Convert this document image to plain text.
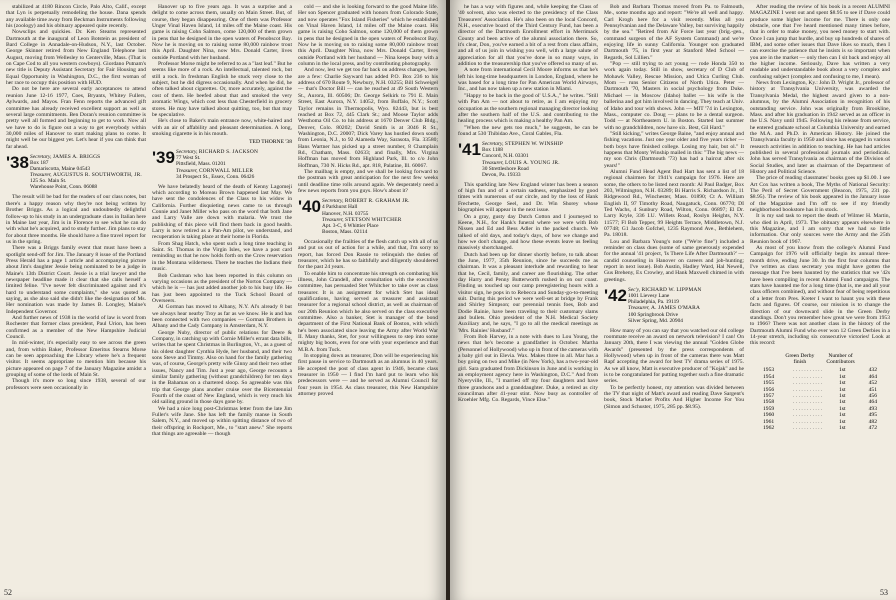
stabilized at 4180 Rincon Circle, Palo Alto, Calif., except that Lyn is perpetually remodeling the house. Dana spends any available time away from Beckman Instruments following his (zoology) and his obituary appeared quite recently.

Nowsclips and quickies. Dr. Ken Stearns represented Dartmouth at the inaugural of Leon Botstein as president of Bard College in Annadale-on-Hudson, N.Y., last October. George Skinner retired from New England Telephone last August, moving from Wellesley to Centerville, Mass. (That is on Cape Cod to all you western cowboys). Giordano Putnam's new title is Deputy Assistant Secretary for Fair Housing and Equal Opportunity in Washington, D.C., the first woman of her race to occupy this position with HUD.

Do not be here are several early acceptances to attend reunion June 12-16 1977, Coes, Bryants, Whitey Fullers, Aylwards, and Mayos. Fran Fenn reports the advanced gift committee has already received excellent support as well as several large commitments. Ben Doran's reunion committee is pretty well all formed and beginning to get to work. Now all we have to do is figure out a way to get everybody within 30,000 miles of Hanover to start making plans to come. It might well be our biggest yet. Let's hear if you can think that far ahead.

'38 Secretary, JAMES A. BRIGGS
Box 187
Damariscotta, Maine 04543
Treasurer, AUGUSTUS R. SOUTHWORTH, JR.
125 So. Main St.
Warehouse Point, Conn. 06088

The result will be bad for the readers of our class notes, but there's a happy reason why they're not being written by Brother Briggs. As a logical and undoubtedly delightful follow-up to his study in an undergraduate class in Italian here in Maine last year, Jim is in Florence to see what he can do with what he's acquired, and to study further. Jim plans to stay for about three months. He should have a fine travel report for us in the spring.

There was a Briggs family event that must have been a spotlight send-off for Jim. The January 8 issue of the Portland Press Herald has a page 1 article and accompanying picture about Jim's daughter Jessie being nominated to be a judge in Maine's 13th District Court. Jessie is a trial lawyer and the newspaper headline made it clear that she calls herself a limited feline. "I've never felt discriminated against and it's hard to understand some complaints," she was quoted as saying, as she also said she didn't like the designation of Ms. Her nomination was made by James B. Longley, Maine's Independent Governor.

And further news of 1938 in the world of law is word from Rochester that former class president, Paul Urion, has been confirmed as a member of the New Hampshire Judicial Council.

In mid-winter, it's especially easy to see across the green and, from within Baker, Professor Emeritus Stearns Morse can be seen approaching the Library where he's a frequent visitor. It seems appropriate to mention him because his picture appeared on page 7 of the January Magazine amidst a grouping of some of the lords of Main St.

Though it's more so long since 1938, several of our professors were seen occasionally in

Hanover up to five years ago. It was a surprise and a delight to come across them, usually on Main Street. But, of course, they began disappearing. One of them was Professor Unger Vinal Haven Island, 14 miles off the Maine coast. His game is raising Cohn Salmon, come 120,000 of them grown in pens that he designed in the open waters of Penobscot Bay. Now he is moving on to raising some 80,000 rainbow trout this April. Daughter Nina, now Mrs. Donald Carter, lives outside Portland with her husband.

Professor Morse might be referred to as a "last leaf." But he seems like more of a rock. An intellectual, talented rock, but still a rock. In freshman English he stuck very close to the subject, but he did digress occasionally. And when he did, he often talked about cigarettes. Or, more accurately, against the cost of them. He beefed about that and smoked the very aromatic Wings, which cost less than Chesterfield in grocery stores. He may have talked about quitting, too, but that may be speculative.

He's close to Baker's main entrance now, white-haired and with an air of affability and pleasant determination. A long, smoking cigarette is in his mouth.

TED THORNE '38
'39 Secretary, RICHARD S. JACKSON
77 West St.
Pittsfield, Mass. 01201
Treasurer, CORNWALL MILLER
34 Prospect St., Essex, Conn. 06426

We have belatedly heard of the death of Kenny Lagomeji which according to Moreau Brown happened last May. We have sent the condolences of the Class to his widow in California. Further disquieting news came to us through Connie and Janet Miller who pass on the word that both Jane and Larry Valle are down with malaria. We trust the publishing of this piece will find them back in good health. Larry is now retired as a Pan-Am pilot, we understand, and recuperation is taking place at their home in Florida.

From Shag Hatch, who spent such a long time teaching in Saint. St. Thomas in the Virgin Isles, we have a post card reminding us that he now holds forth on the Crow reservation in the Montana wilderness. There he teaches the Indians their music.

Bob Cushman who has been reported in this column on varying occasions as the president of the Norton Company — which he is — has just added another job to his busy life. He has just been appointed to the Tuck School Board of Overseers.

Al Gorman has moved to Albany, N.Y. Al's already 8 but we always hear nearby Troy as far as we know. He is and has been connected with two companies — Gorman Brothers in Albany and the Cady Company in Amsterdam, N.Y.

George Nuby, director of public relations for Deere & Company, in catching up with Cornie Miller's errant data bills, writes that he spent Christmas in Burlington, Vt., as a guest of his oldest daughter Cynthia Hyde, her husband, and their two sons Steve and Timmy. Also on hand for the family gathering was, of course, George's pretty wife Ginny and their two other issues, Nancy and Tim. Just a year ago, George recounts a similar family gathering (without grandchildren) for ten days in the Bahamas on a chartered sloop. So agreeable was this trip that George plans another cruise over the Bicentennial Fourth of the coast of New England, which is very much his old sailing ground in those days gone by.

We had a nice long post-Christmas letter from the late Jim Fuller's wife Jane. She has left the family manse in South Salem, N.Y., and moved up within spitting distance of two of their offspring in Rockport, Me., to "start anew." She reports that things are agreeable — though

cold — and she is looking forward to the good Maine life. Her son Spencer graduated with honors from Colorado State, and now operates "Fox Island Fisheries" which he established on Vinal Haven Island, 14 miles off the Maine coast. His game is raising Coho Salmon, some 120,000 of them grown in pens that he designed in the open waters of Penobscot Bay. Now he is moving on to raising some 80,000 rainbow trout this April. Daughter Nina, now Mrs. Donald Carter, lives outside Portland with her husband — Nina keeps busy with a column in the local press, and by contributing photography.

And now, lest we get too far back on address changes, here are a few: Charlie Sayward has added P.O. Box 236 to his address of 670 Route 9, Newbury, N.H. 03255; Bill Schweigel — that's Doctor Bill — can be reached at 49 South Western St., Aurora, Ill. 60506; Dr. George Selkirk to 791 E. Main Street, East Aurora, N.Y. 14052, from Buffalo, N.Y.; Scott Taylor remains in Thermopolis, Wyo. 82443, but is best reached at Box 72, 445 Clark St.; and Moose Taylor adds Westhoma Oil Co. to his address at 1670 Denver Club Bldg., Denver, Colo. 80202; David Smith is at 3046 R St., Washington, D.C. 20007; Dick Varey has hustled down south from Leonia, N.J., to 92 Alameda Way, Sarasota, Fla. 33580; Hans Wartner has picked up a street number, 8 Champlain Rd., Chatham, Mass. 02633; and finally, Mrs. Virgina Hoffman has moved from Highland Park, Ill. to c/o John Hoffman, 730 N. Hicks Rd., apt. 818, Palatine, Ill. 60067.

The mailbag is empty, and we shall be looking forward to the postman with great anticipation for the next few weeks until deadline time rolls around again. We desperately need a few news reports from you guys. How's about it?

'40 Secretary, ROBERT R. GRAHAM JR.
4 Parkhurst Hall
Hanover, N.H. 03755
Treasurer, STETSON WHITCHER
Apt. 3-C, 6 Whittier Place
Boston, Mass. 02114

Occasionally the frailties of the flesh catch up with all of us and put us out of action for a while, and that, I'm sorry to report, has forced Don Rassie to relinquish the duties of treasurer, which he has so faithfully and diligently shouldered for the past 24 years.

To enable him to concentrate his strength on combating his illness, John Crandell, after consultation with the executive committee, has persuaded Stet Whitcher to take over as class treasurer. It is an assignment for which Stet has ideal qualifications, having served as treasurer and assistant treasurer for a regional school district, as well as chairman of our 20th Reunion which he also served on the class executive committee. Also a banker, Stet is manager of the bond department of the First National Bank of Boston, with which he's been associated since leaving the Army after World War II. Many thanks, Stet, for your willingness to step into some mighty big boots, even for one with your experience and that M.B.A. from Tuck.

In stopping down as treasurer, Don will be experiencing his first pause in service to Dartmouth as an alumnus in 40 years. He accepted the post of class agent in 1946, became class treasurer in 1950 — I find I'm hard put to learn who his predecessors were — and he served as Alumni Council for four years in 1954. As class treasurer, this New Hampshire attorney proved

52

he has a way with figures and, while keeping the Class of '40 solvent, also was elected to the presidency of the Class Treasurers' Association. He's also been on the local Concord, N.H., executive board of the Third Century Fund, has been a director of the Dartmouth Enrollment effort in Merrimack County and been active of the alumni association there. So, it's clear, Don, you've earned a bit of a rest from class affairs, and all of us join in wishing you well, with a large salute of appreciation for all that you've done in so many ways, in addition to the treasurership that you've offered so many of us.

A note from international Cecil Moore informs us that he's left his long-time headquarters in London, England, where he was based for a long time for Pan American World Airways, Inc., and has now taken up a new station in Miami.

"Happy to be back in the good ol' U.S.A.," he writes. "Still with Pan Am — not about to retire, as I am enjoying my occupation as the southern regional managing director looking after the southern half of the U.S. and contributing to the healing process which is making a healthy Pan Am.

"When the new gets too much," he suggests, he can be found at 530 Thibidao Ave., Coral Gables, Fla.

'41 Secretary, STEPHEN W. WINSHIP
Box 1188
Concord, N.H. 03301
Treasurer, LOUIS A. YOUNG JR.
30 Strettleshore Road
Devon, Pa. 19333

This sparkling late New England winter has been a season of high fun and of a certain sadness, emphasized by good times with numerous of our circle, and by the loss of Hank Frechette, George Seel, and Dr. Win Shorey whose biographies will appear in the next issue.

On a gray, gusty day Dutch Cotton and I journeyed to Keene, N.H., for Hank's funeral where we were with Bob Nissen and Ed and Bess Adler in the packed church. We talked of old days, and today's days, of how we change and how we don't change, and how these events leave us feeling massively shortchanged.

Dutch had been up for dinner shortly before, to talk about the June, 1977, 35th Reunion, since he succeeds me as chairman. It was a pleasant interlude and rewarding to hear that he, Cecil, family, and career are flourishing. The other day Harry and Penny Butterworth rushed in on our coast. Finding us touched up our camp preregistering hours with a visitor sign, he pops in to Rebecca and Sunday-go-to-meeting suit. During this period we were well-set at bridge by Frank and Shirley Simpson; our perennial tennis foes, Bob and Dodie Rainie, have been traveling to their customary slams and bullets. Ohio president of the N.H. Medical Society Auxiliary and, he says, "I go to all the medical meetings as 'Mrs. Rainies' Husband'."

From Bob Harvey, in a note with dues to Lou Young, the news that he's become a grandfather in October. Martha (Personnel of Hollywood) who up in front of the cameras with a baby girl out in Elevia. Wax. Makes three in all. Mar has a boy going on two and Mike (in New York), has a two-year-old girl. Sara graduated from Dickinson in June and is working in an employment agency here in Washington, D.C." And from Nyeryville, Ill., "I married off my four daughters and have three grandsons and a granddaughter. Duke, a retired as city councilman after 41-year stint. Now busy as controller of Kroehler Mfg. Co. Regards, Vince Else."

Bob and Barbara Thomas moved from Pa. to Falmouth, Me., some months ago and report: "We're all well and happy. Carl Krogh here for a visit recently. Miss all you Pennsylvanian and the Delaware Valley, but surviving happily by the sea." "Retired from Air Force last year (brig.-gen., command surgeon of the AF System Command) and we're enjoying life in sunny California. Younger son graduated Dartmouth '75, in first year at Stanford Med School — Regards, Sol Lillien."

"Pop — still trying to act young — rode Honda 350 to work again today. Still in show, secretary of D Club of Mohawk Valley, Rescue Mission, and Utica Curling Club. Mom — runs Senior Citizens of North Utica. Peter — Dartmouth '70, Masters in social psychology from Duke. Michael — in Moscow (Idaho) ballet — his wife is the ballerina and got him involved in dancing. They teach at Univ. of Idaho and tour with shows. John — MIT '74 in Lexington, Mass., computer co. Doug — plans to be a dental surgeon. Todd — at Northeastern U. in Boston. Started last summer with no grandchildren, now have six. Best, Gil Hard."

"Still kicking," writes George Baine, "and enjoy annual and fishing vacations. Just one year older and five years richer — both boys have finished college. Losing my hair, but ol." It happens that Monty Winship mailed in this: "The big news — my son Chris (Dartmouth '73) has had a haircut after six years!"

Alumni Fund Head Agent Bud Hart has sent a list of 18 regional chairmen for 1941's campaign for 1976. Here are some, the others to be listed next month: Al Paul Badger, Box 203, Wilmington, N.H. 03289; Bi Harris S. Richardson Jr., 11 Ridgewood Rd., Winchester, Mass. 01890; Ct A. William English II, 97 Timothy Road, Naugatuck, Conn. 06770; DI Ted Wachs, 4 Sunbury Road, Wilton, Conn. 06897; El Dr. Larry Kryle, 336 I.U. Willets Road, Roslyn Heights, N.Y. 11577; Fl Bob Tepper, 99 Heights Terrace, Middletown, N.J. 07748; G1 Jacob Gofchel, 1235 Raymond Ave., Bethlehem, Pa. 18018.

Lou and Barbara Young's note ("We're fine") included a reminder on class dues (some of same generously expended for the annual '41 project, 'Is There Life After Dartmouth?' — candid counseling in Hanover on careers and job-hunting; report in next issue). Bob Austin, Hadley Ward, Hal Newell, Gus Breheny, Ex Crowley, and Hank Maxwell chimed in with greetings.

'42 Sec'y, RICHARD W. LIPPMAN
1001 Lievesy Lane
Philadelphia, Pa. 19119
Treasurer, A. JAMES O'MARA
100 Springbrook Drive
Silver Spring, Md. 20904

How many of you can say that you watched our old college roommate receive an award on network television? I can! On January 20th, there I was viewing the annual "Golden Globe Awards" (presented by the press correspondents of Hollywood) when up in front of the cameras there was Matt Rapf accepting the award for best TV drama series of 1975. As we all know, Matt is executive producer of "Kojak" and he is to be congratulated for putting together such a fine dramatic series.

To be perfectly honest, my attention was divided between the TV that night of Matt's award and reading Dave Sargent's book, Stock Market Profits And Higher Income For You (Simon and Schuster, 1975, 285 pp. $8.95).

After reading the review of his book in a recent ALUMNI MAGAZINE I went out and spent $8.95 to see if Dave could produce some higher income for me. There is only one obstacle, one that I've heard mentioned many times before, that in order to make money, you need money to start with. Once I can jump that hurdle, and buy up hundreds of shares of IBM, and some other issues that Dave likes so much, then I can exercise the patience that he insists is so important when you are in the market — only then can I sit back and enjoy all the higher income. Seriously, Dave has written a very readable and understandable book about a very complex and confusing subject (complex and confusing to me, I mean).

News from Lexington, Ky.: John D. Wright Jr., professor of history at Transylvania University, was awarded the Transylvania Medal, the highest award given to a non-alumnus, by the Alumni Association in recognition of his outstanding service. John was originally from Brookline, Mass. and after his graduation in 1942 served as an officer in the U.S. Navy until 1945. Following his release from service, he entered graduate school at Columbia University and earned the M.A. and Ph.D. in American History. He joined the Transylvania faculty in 1950 and since has engaged in various research activities in addition to teaching. He has had articles published in several professional journals and periodicals. John has served Transylvania as chairman of the Division of Social Studies, and later as chairman of the Department of History and Political Science.

The price of reading classmates' books goes up $1.00. I see Art Cox has written a book, The Myths of National Security: The Peril of Secret Government (Beacon, 1975, 231 pp. $8.95). The review of his book appeared in the January issue of the Magazine and I'm off to see if my friendly neighborhood bookstore has it in stock.

It is my sad task to report the death of Wilmer H. Martin, who died in April, 1973. The obituary appears elsewhere in this Magazine, and I am sorry that we had so little information. Our only sources were the Army and the 25th Reunion book of 1967.

As most of you know from the college's Alumni Fund Campaign for 1976 will officially begin its annual three-month drive, ending June 30. In the first four columns that I've written as class secretary you might have gotten the message that I've been haunted by the statistics that we '42s have been compiling in recent Alumni Fund campaigns. The stats have haunted me for a long time (that is, me and all your class officers combined), and without fear of being repetitious of a letter from Pres. Kreter I want to haunt you with these facts and figures. Of course, our mission is to change the direction of our downward slide in the Green Derby standings. Don't you remember how great we were from 1953 to 1966? There was not another class in the history of the Dartmouth Alumni Fund who ever won 12 Green Derbies in a 14-year stretch, including six consecutive victories! Look at this record:

Green Derby
finish
Number of
Contributors
1953	. . . . . . . . . . .	1st	432
1954	. . . . . . . . . . .	1st	464
1955	. . . . . . . . . . .	1st	452
1956	. . . . . . . . . . .	1st	451
1957	. . . . . . . . . . .	1st	456
1958	. . . . . . . . . . .	1st	464
1959	. . . . . . . . . . .	1st	493
1960	. . . . . . . . . . .	1st	495
1961	. . . . . . . . . . .	1st	482
1962	. . . . . . . . . . .	1st	472
53
